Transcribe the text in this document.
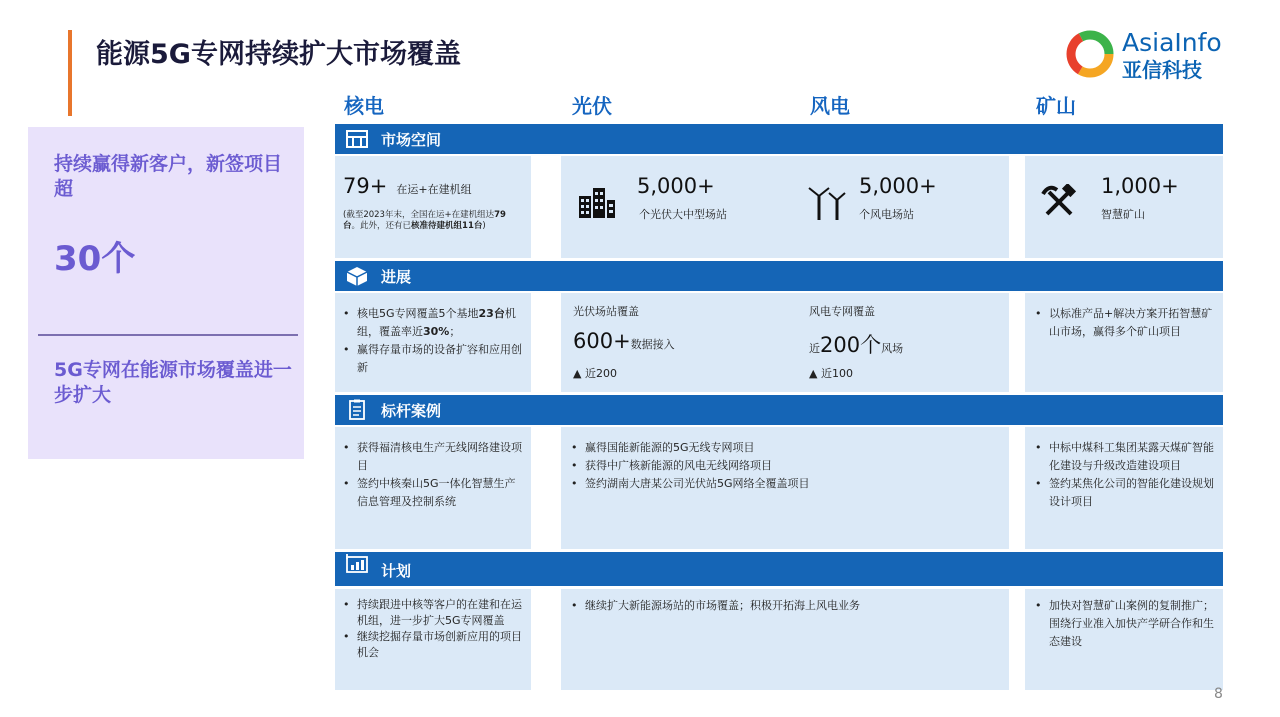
能源5G专网持续扩大市场覆盖	AsiaInfo
亚信科技
持续赢得新客户，新签项目超
30个
5G专网在能源市场覆盖进一步扩大
核电	光伏	风电	矿山
市场空间
79+ 在运+在建机组
(截至2023年末，全国在运+在建机组达79台。此外，还有已核准待建机组11台)
5,000+
个光伏大中型场站
5,000+
个风电场站
1,000+
智慧矿山
进展
• 核电5G专网覆盖5个基地23台机组，覆盖率近30%；
• 赢得存量市场的设备扩容和应用创新
光伏场站覆盖
600+数据接入
▲ 近200
风电专网覆盖
近200个风场
▲ 近100
• 以标准产品+解决方案开拓智慧矿山市场，赢得多个矿山项目
标杆案例
• 获得福清核电生产无线网络建设项目
• 签约中核秦山5G一体化智慧生产信息管理及控制系统
• 赢得国能新能源的5G无线专网项目
• 获得中广核新能源的风电无线网络项目
• 签约湖南大唐某公司光伏站5G网络全覆盖项目
• 中标中煤科工集团某露天煤矿智能化建设与升级改造建设项目
• 签约某焦化公司的智能化建设规划设计项目
计划
• 持续跟进中核等客户的在建和在运机组，进一步扩大5G专网覆盖
• 继续挖掘存量市场创新应用的项目机会
• 继续扩大新能源场站的市场覆盖；积极开拓海上风电业务
•	加快对智慧矿山案例的复制推广；围绕行业准入加快产学研合作和生态建设
8
